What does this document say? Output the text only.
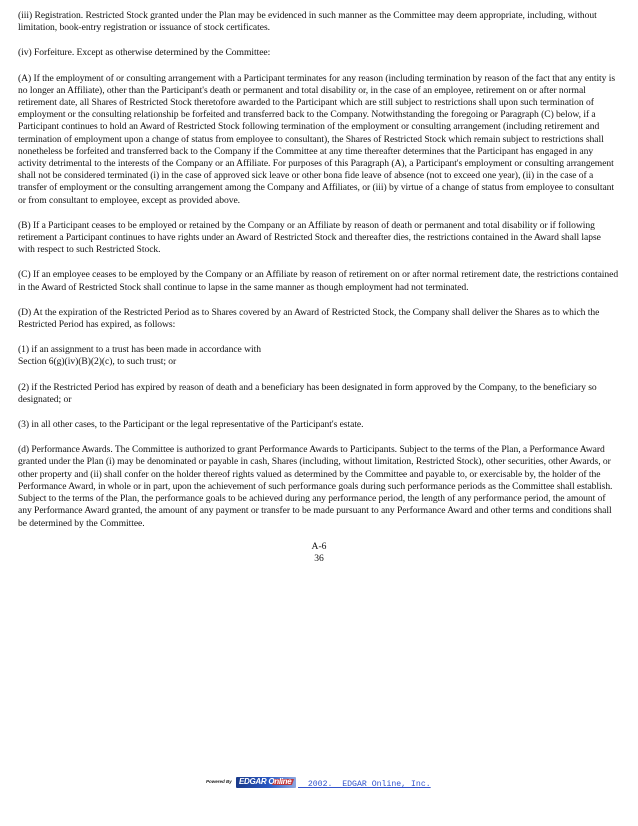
(iii) Registration. Restricted Stock granted under the Plan may be evidenced in such manner as the Committee may deem appropriate, including, without limitation, book-entry registration or issuance of stock certificates.

(iv) Forfeiture. Except as otherwise determined by the Committee:

(A) If the employment of or consulting arrangement with a Participant terminates for any reason (including termination by reason of the fact that any entity is no longer an Affiliate), other than the Participant's death or permanent and total disability or, in the case of an employee, retirement on or after normal retirement date, all Shares of Restricted Stock theretofore awarded to the Participant which are still subject to restrictions shall upon such termination of employment or the consulting relationship be forfeited and transferred back to the Company. Notwithstanding the foregoing or Paragraph (C) below, if a Participant continues to hold an Award of Restricted Stock following termination of the employment or consulting arrangement (including retirement and termination of employment upon a change of status from employee to consultant), the Shares of Restricted Stock which remain subject to restrictions shall nonetheless be forfeited and transferred back to the Company if the Committee at any time thereafter determines that the Participant has engaged in any activity detrimental to the interests of the Company or an Affiliate. For purposes of this Paragraph (A), a Participant's employment or consulting arrangement shall not be considered terminated (i) in the case of approved sick leave or other bona fide leave of absence (not to exceed one year), (ii) in the case of a transfer of employment or the consulting arrangement among the Company and Affiliates, or (iii) by virtue of a change of status from employee to consultant or from consultant to employee, except as provided above.

(B) If a Participant ceases to be employed or retained by the Company or an Affiliate by reason of death or permanent and total disability or if following retirement a Participant continues to have rights under an Award of Restricted Stock and thereafter dies, the restrictions contained in the Award shall lapse with respect to such Restricted Stock.

(C) If an employee ceases to be employed by the Company or an Affiliate by reason of retirement on or after normal retirement date, the restrictions contained in the Award of Restricted Stock shall continue to lapse in the same manner as though employment had not terminated.

(D) At the expiration of the Restricted Period as to Shares covered by an Award of Restricted Stock, the Company shall deliver the Shares as to which the Restricted Period has expired, as follows:

(1) if an assignment to a trust has been made in accordance with
Section 6(g)(iv)(B)(2)(c), to such trust; or

(2) if the Restricted Period has expired by reason of death and a beneficiary has been designated in form approved by the Company, to the beneficiary so designated; or

(3) in all other cases, to the Participant or the legal representative of the Participant's estate.

(d) Performance Awards. The Committee is authorized to grant Performance Awards to Participants. Subject to the terms of the Plan, a Performance Award granted under the Plan (i) may be denominated or payable in cash, Shares (including, without limitation, Restricted Stock), other securities, other Awards, or other property and (ii) shall confer on the holder thereof rights valued as determined by the Committee and payable to, or exercisable by, the holder of the Performance Award, in whole or in part, upon the achievement of such performance goals during such performance periods as the Committee shall establish. Subject to the terms of the Plan, the performance goals to be achieved during any performance period, the length of any performance period, the amount of any Performance Award granted, the amount of any payment or transfer to be made pursuant to any Performance Award and other terms and conditions shall be determined by the Committee.

A-6
36
Powered By EDGAR Online 2002.  EDGAR Online, Inc.
